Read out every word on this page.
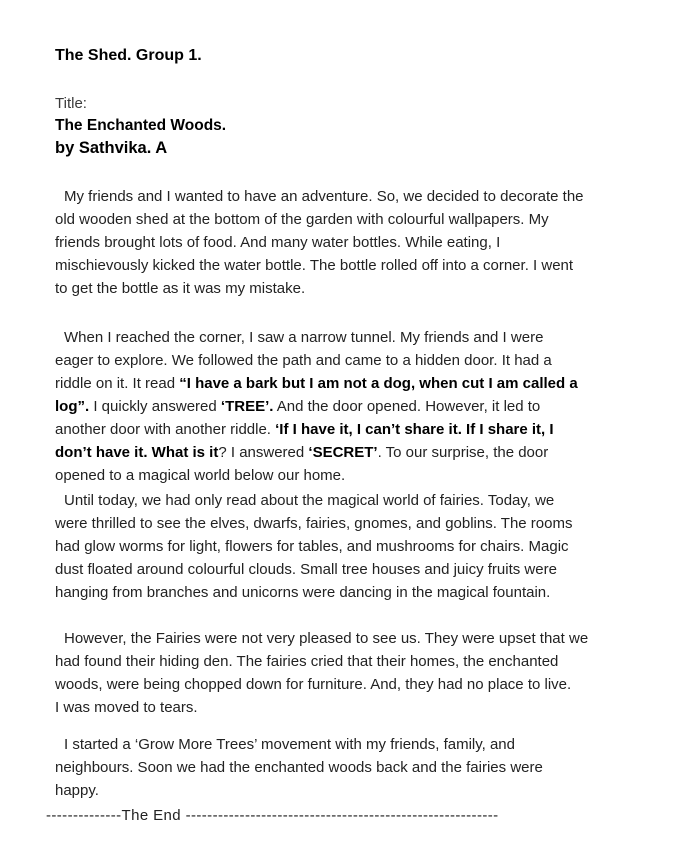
The Shed. Group 1.

Title:

The Enchanted Woods.

by Sathvika. A

My friends and I wanted to have an adventure. So, we decided to decorate the
old wooden shed at the bottom of the garden with colourful wallpapers. My
friends brought lots of food. And many water bottles. While eating, I
mischievously kicked the water bottle. The bottle rolled off into a corner. I went
to get the bottle as it was my mistake.

When I reached the corner, I saw a narrow tunnel. My friends and I were
eager to explore. We followed the path and came to a hidden door. It had a
riddle on it. It read “I have a bark but I am not a dog, when cut I am called a
log”. I quickly answered ‘TREE’. And the door opened. However, it led to
another door with another riddle. ‘If I have it, I can’t share it. If I share it, I
don’t have it. What is it? I answered ‘SECRET’. To our surprise, the door
opened to a magical world below our home.

Until today, we had only read about the magical world of fairies. Today, we
were thrilled to see the elves, dwarfs, fairies, gnomes, and goblins. The rooms
had glow worms for light, flowers for tables, and mushrooms for chairs. Magic
dust floated around colourful clouds. Small tree houses and juicy fruits were
hanging from branches and unicorns were dancing in the magical fountain.

However, the Fairies were not very pleased to see us. They were upset that we
had found their hiding den. The fairies cried that their homes, the enchanted
woods, were being chopped down for furniture. And, they had no place to live.
I was moved to tears.

I started a ‘Grow More Trees’ movement with my friends, family, and
neighbours. Soon we had the enchanted woods back and the fairies were
happy.

--------------The End ----------------------------------------------------------
